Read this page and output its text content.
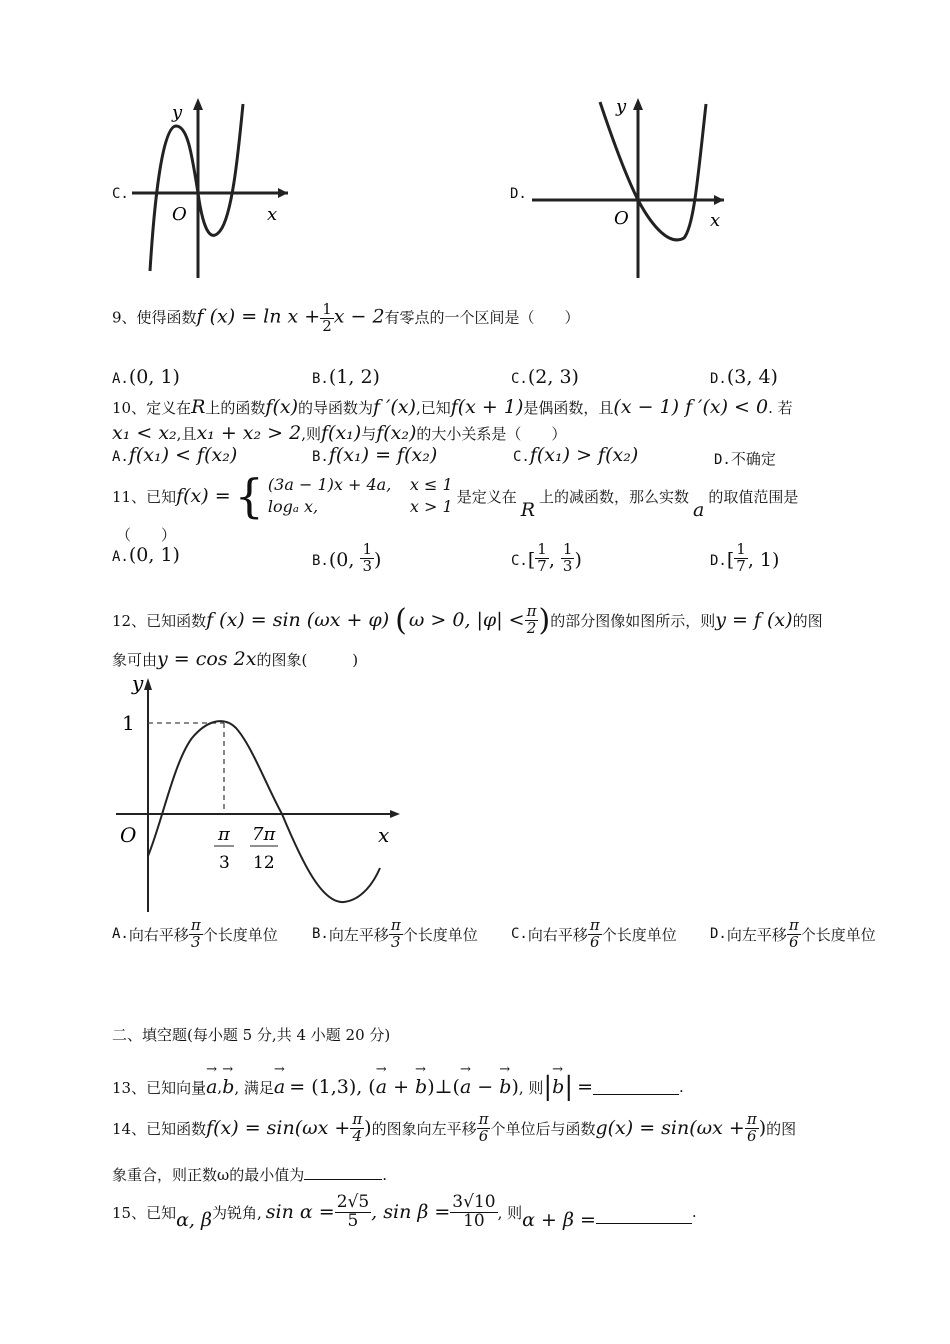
C.
y
x
O
D.
y
x
O
9、使得函数f $(x) = \ln x + \frac{1}{2}$ x − 2有零点的一个区间是（　　）
A.(0, 1)	B.(1, 2)	C.(2, 3)	D.(3, 4)
10、定义在R上的函数f(x)的导函数为f ′(x),已知f(x + 1)是偶函数，且(x − 1) f ′(x) < 0. 若
x₁ < x₂,且x₁ + x₂ > 2,则f(x₁)与f(x₂)的大小关系是（　　）
A.f(x₁) < f(x₂)	B.f(x₁) = f(x₂)	C.f(x₁) > f(x₂)	D.不确定
11、已知 f(x) = { (3a − 1)x + 4a, x ≤ 1
logₐ x,	x > 1
是定义在
R
上的减函数，那么实数
a
的取值范围是
（　　）
A.(0, 1)	B. (0, $\frac{1}{3}$ )	C. [ $\frac{1}{7}$ , $\frac{1}{3}$ )	D. [ $\frac{1}{7}$ , 1)
12、已知函数 f (x) = sin (ωx + φ) ( ω > 0, $|\varphi| < \frac{\pi}{2}$ ) 的部分图像如图所示，则 y = f (x) 的图
象可由y = cos 2x的图象(　　　)
y
x
O
1
π
3
7π
12
A. 向右平移 $\frac{\pi}{3}$ 个长度单位 B. 向左平移 $\frac{\pi}{3}$ 个长度单位 C. 向右平移 $\frac{\pi}{6}$ 个长度单位 D. 向左平移 $\frac{\pi}{6}$ 个长度单位
二、填空题(每小题 5 分,共 4 小题 20 分)
13、已知向量 → a , → b , 满足 → a = (1,3), (→ a + → b) ⊥ (→ a − → b) , 则 | → b | =	.
14、已知函数 $f(x) = \sin(\omega x + \frac{\pi}{4}$ ) 的图象向左平移 $\frac{\pi}{6}$ 个单位后与函数 $g(x) = \sin(\omega x + \frac{\pi}{6}$ ) 的图
象重合，则正数ω的最小值为	.
15、已知 α, β 为锐角, $\sin \alpha = \frac{2√5}{5}$ , $\sin \beta = \frac{3√10}{10}$ , 则 α + β =	.
